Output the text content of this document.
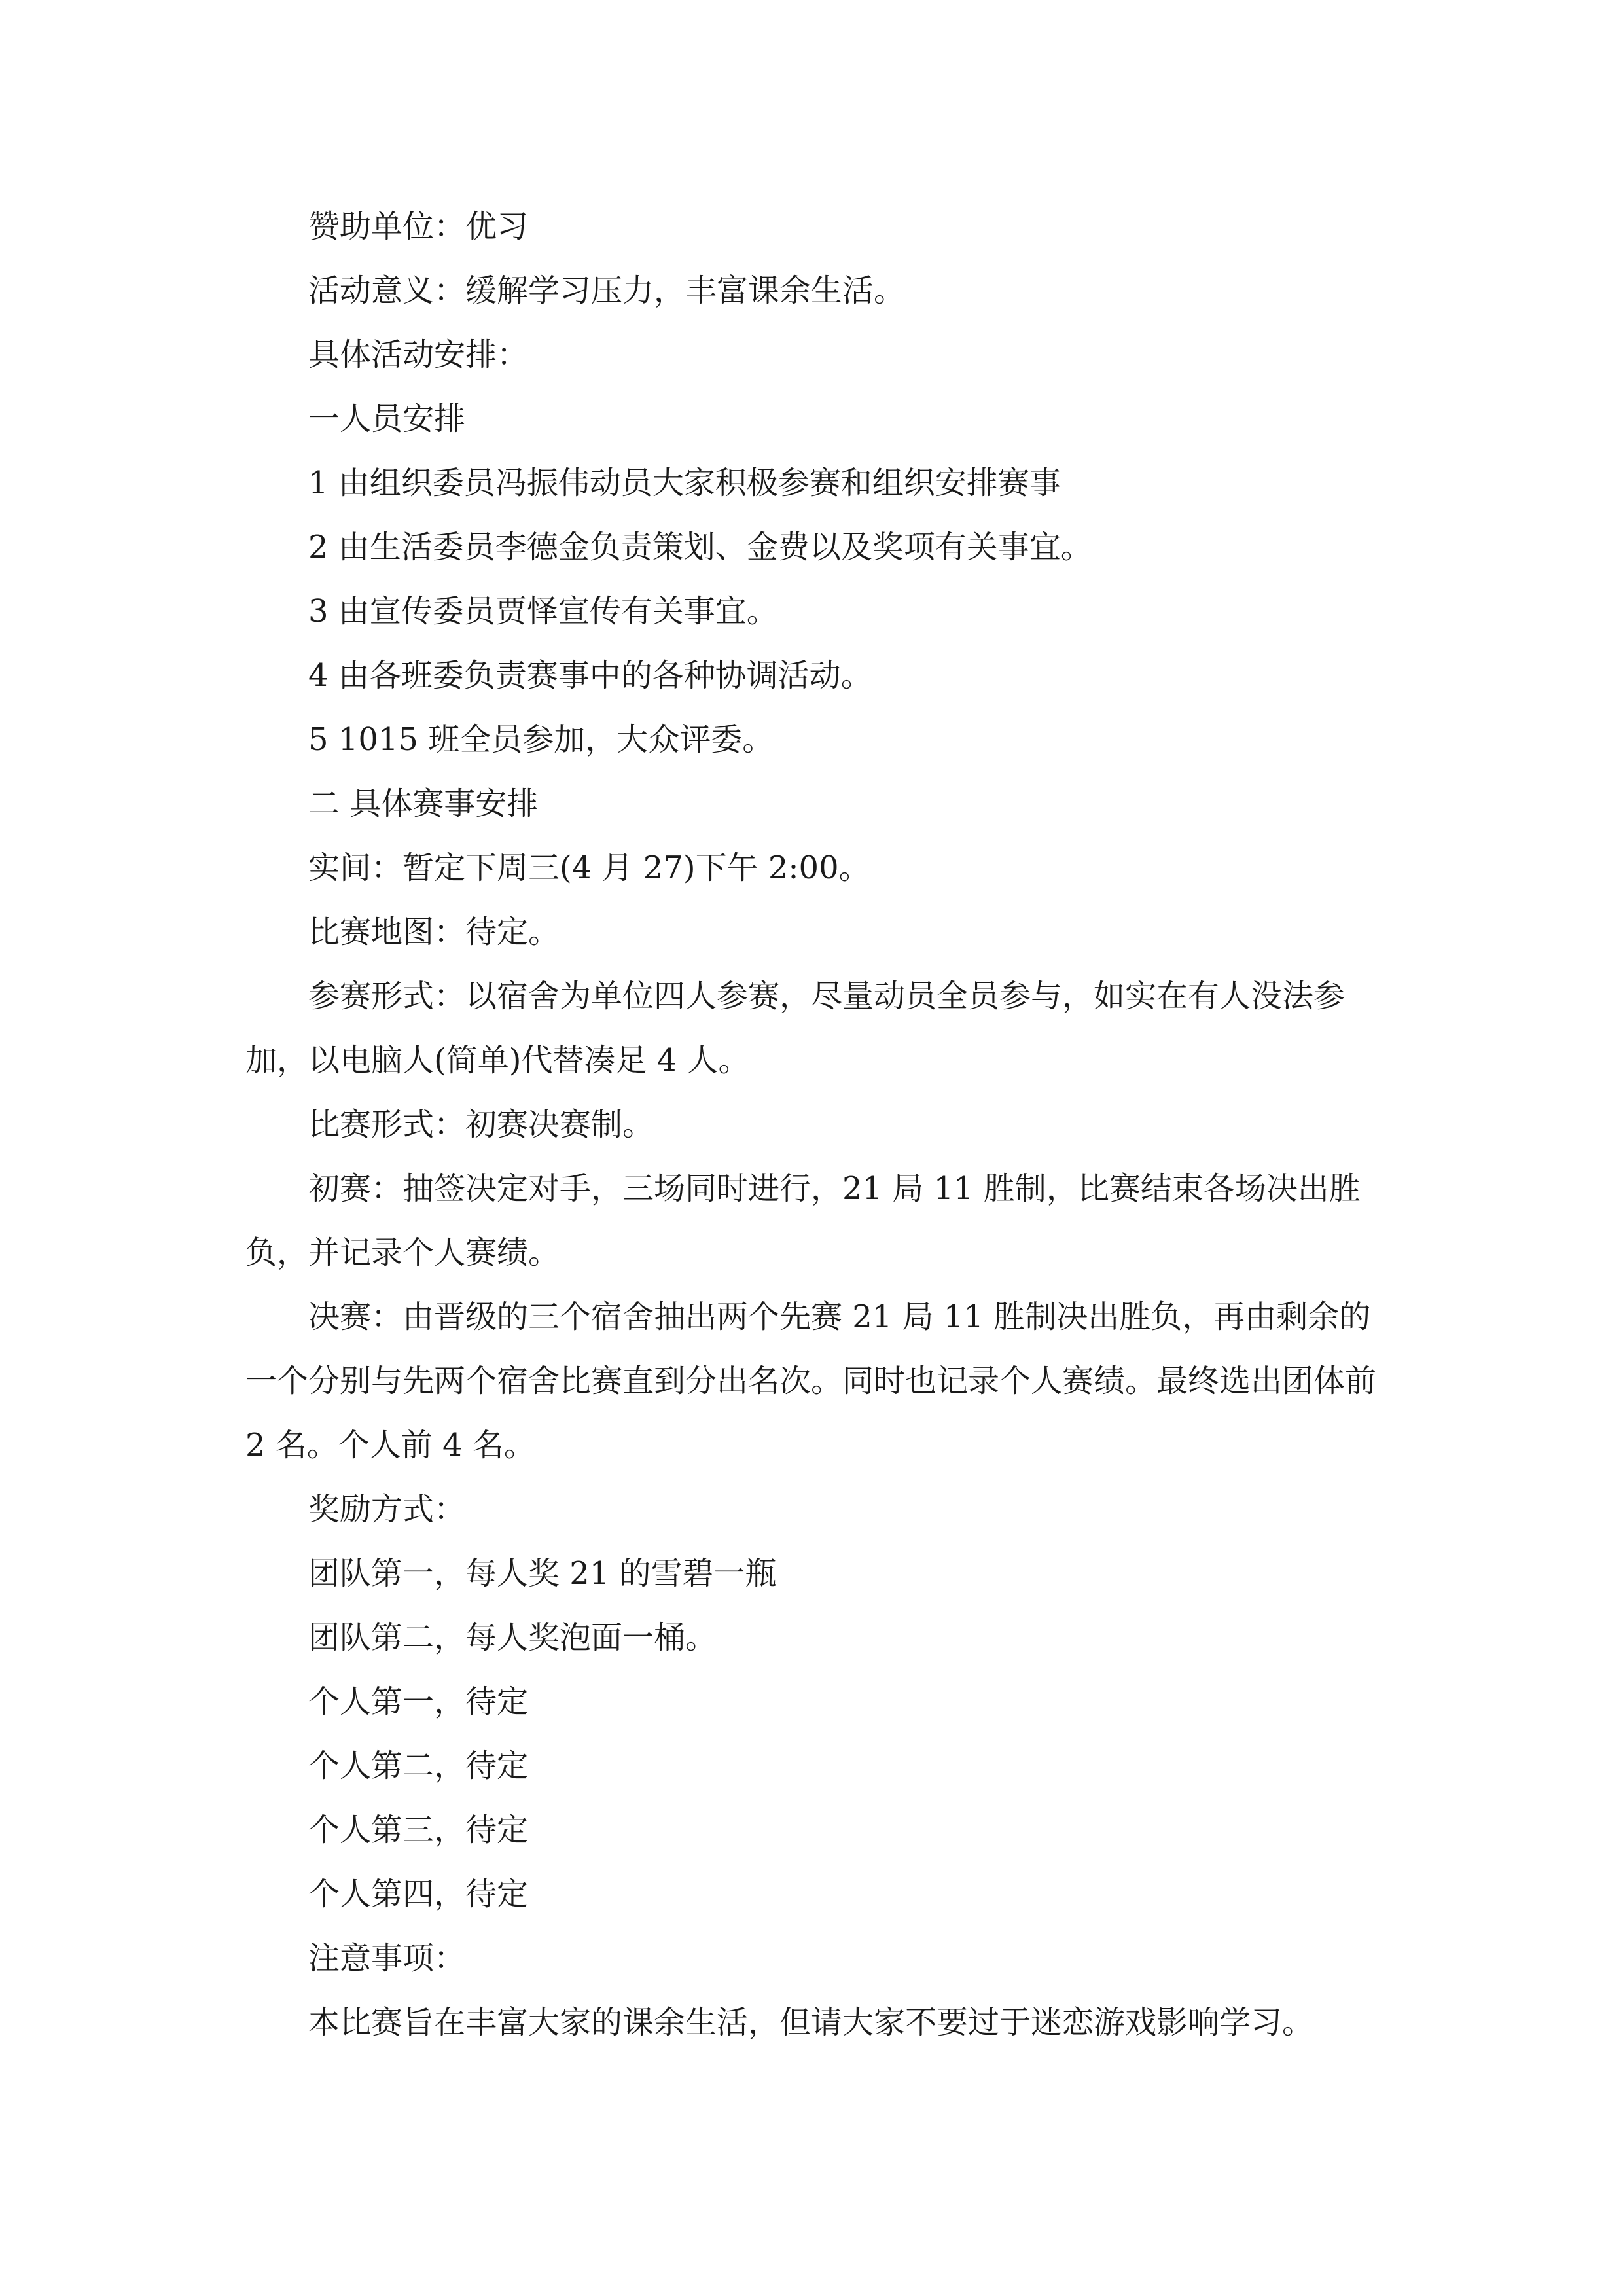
赞助单位：优习

活动意义：缓解学习压力，丰富课余生活。

具体活动安排：

一人员安排

1 由组织委员冯振伟动员大家积极参赛和组织安排赛事

2 由生活委员李德金负责策划、金费以及奖项有关事宜。

3 由宣传委员贾怿宣传有关事宜。

4 由各班委负责赛事中的各种协调活动。

5 1015 班全员参加，大众评委。

二 具体赛事安排

实间：暂定下周三(4 月 27)下午 2:00。

比赛地图：待定。

参赛形式：以宿舍为单位四人参赛，尽量动员全员参与，如实在有人没法参加，以电脑人(简单)代替凑足 4 人。

比赛形式：初赛决赛制。

初赛：抽签决定对手，三场同时进行，21 局 11 胜制，比赛结束各场决出胜负，并记录个人赛绩。

决赛：由晋级的三个宿舍抽出两个先赛 21 局 11 胜制决出胜负，再由剩余的一个分别与先两个宿舍比赛直到分出名次。同时也记录个人赛绩。最终选出团体前 2 名。个人前 4 名。

奖励方式：

团队第一，每人奖 21 的雪碧一瓶

团队第二，每人奖泡面一桶。

个人第一，待定

个人第二，待定

个人第三，待定

个人第四，待定

注意事项：

本比赛旨在丰富大家的课余生活，但请大家不要过于迷恋游戏影响学习。
